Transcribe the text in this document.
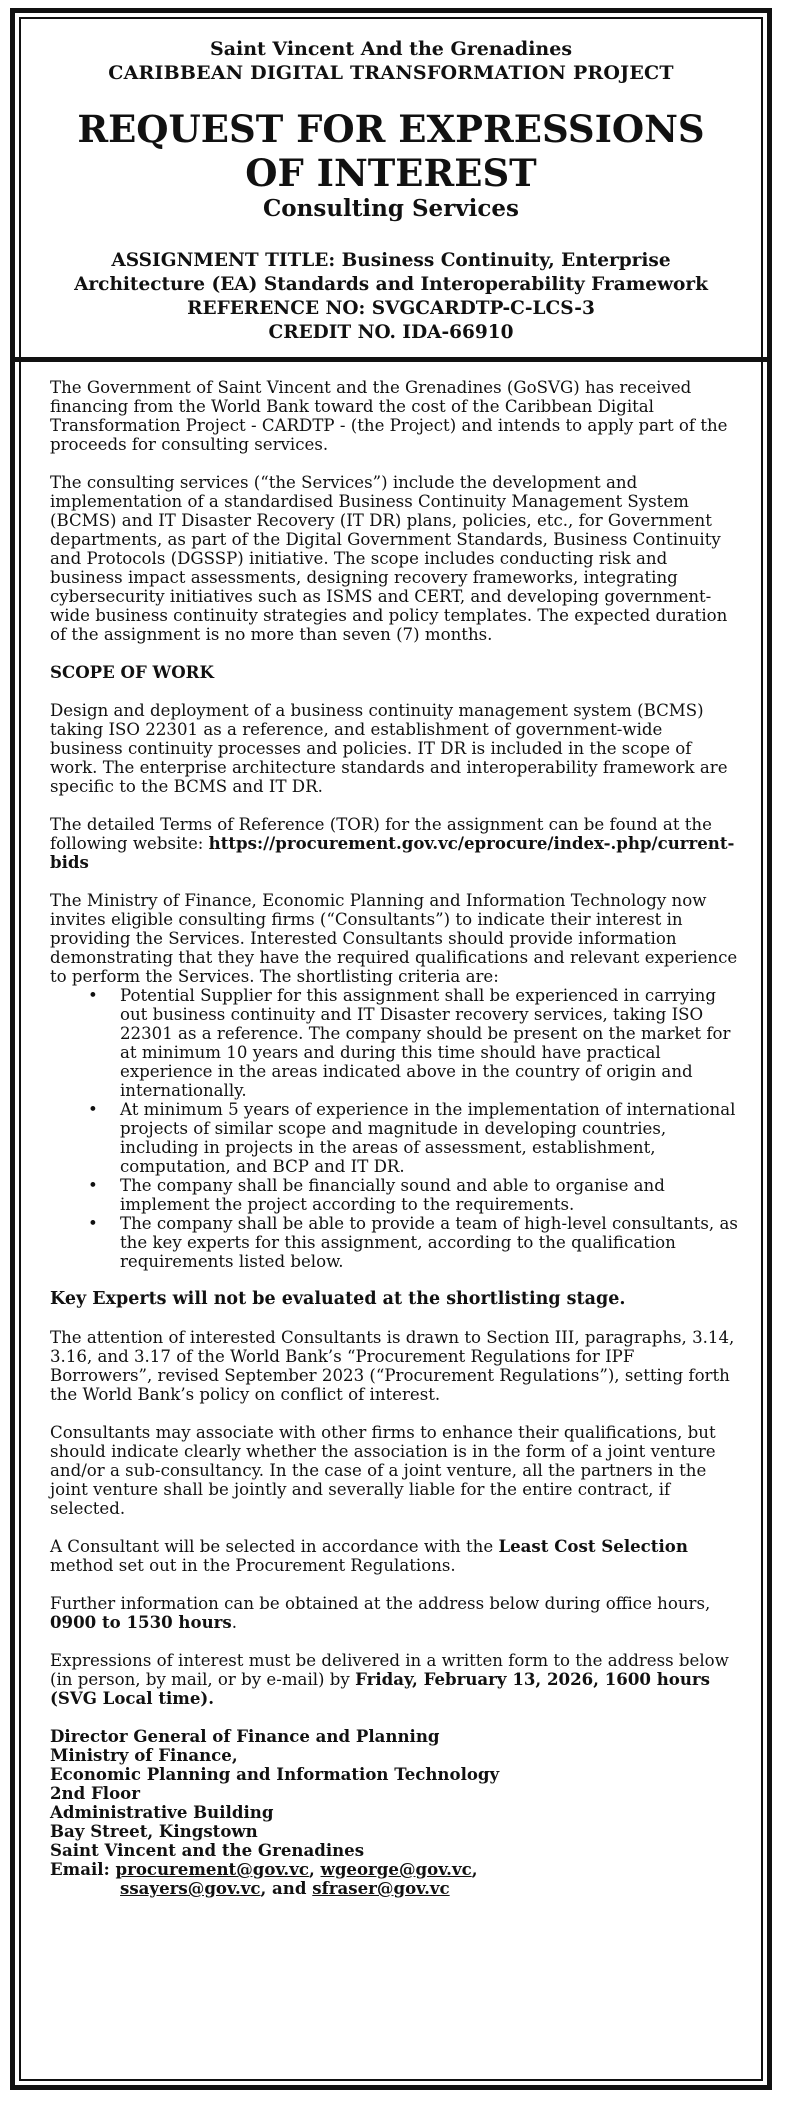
Saint Vincent And the Grenadines
CARIBBEAN DIGITAL TRANSFORMATION PROJECT
REQUEST FOR EXPRESSIONS
OF INTEREST
Consulting Services
ASSIGNMENT TITLE: Business Continuity, Enterprise
Architecture (EA) Standards and Interoperability Framework
REFERENCE NO: SVGCARDTP-C-LCS-3
CREDIT NO. IDA-66910

The Government of Saint Vincent and the Grenadines (GoSVG) has received financing from the World Bank toward the cost of the Caribbean Digital Transformation Project - CARDTP - (the Project) and intends to apply part of the proceeds for consulting services.

The consulting services (“the Services”) include the development and implementation of a standardised Business Continuity Management System (BCMS) and IT Disaster Recovery (IT DR) plans, policies, etc., for Government departments, as part of the Digital Government Standards, Business Continuity and Protocols (DGSSP) initiative. The scope includes conducting risk and business impact assessments, designing recovery frameworks, integrating cybersecurity initiatives such as ISMS and CERT, and developing government-wide business continuity strategies and policy templates. The expected duration of the assignment is no more than seven (7) months.

SCOPE OF WORK

Design and deployment of a business continuity management system (BCMS) taking ISO 22301 as a reference, and establishment of government-wide business continuity processes and policies. IT DR is included in the scope of work. The enterprise architecture standards and interoperability framework are specific to the BCMS and IT DR.

The detailed Terms of Reference (TOR) for the assignment can be found at the following website: https://procurement.gov.vc/eprocure/index-.php/current-bids

The Ministry of Finance, Economic Planning and Information Technology now invites eligible consulting firms (“Consultants”) to indicate their interest in providing the Services. Interested Consultants should provide information demonstrating that they have the required qualifications and relevant experience to perform the Services. The shortlisting criteria are:
• Potential Supplier for this assignment shall be experienced in carrying out business continuity and IT Disaster recovery services, taking ISO 22301 as a reference. The company should be present on the market for at minimum 10 years and during this time should have practical experience in the areas indicated above in the country of origin and internationally.
• At minimum 5 years of experience in the implementation of international projects of similar scope and magnitude in developing countries, including in projects in the areas of assessment, establishment, computation, and BCP and IT DR.
• The company shall be financially sound and able to organise and implement the project according to the requirements.
• The company shall be able to provide a team of high-level consultants, as the key experts for this assignment, according to the qualification requirements listed below.
Key Experts will not be evaluated at the shortlisting stage.

The attention of interested Consultants is drawn to Section III, paragraphs, 3.14, 3.16, and 3.17 of the World Bank’s “Procurement Regulations for IPF Borrowers”, revised September 2023 (“Procurement Regulations”), setting forth the World Bank’s policy on conflict of interest.

Consultants may associate with other firms to enhance their qualifications, but should indicate clearly whether the association is in the form of a joint venture and/or a sub-consultancy. In the case of a joint venture, all the partners in the joint venture shall be jointly and severally liable for the entire contract, if selected.

A Consultant will be selected in accordance with the Least Cost Selection method set out in the Procurement Regulations.

Further information can be obtained at the address below during office hours, 0900 to 1530 hours.

Expressions of interest must be delivered in a written form to the address below (in person, by mail, or by e-mail) by Friday, February 13, 2026, 1600 hours (SVG Local time).

Director General of Finance and Planning
Ministry of Finance,
Economic Planning and Information Technology
2nd Floor
Administrative Building
Bay Street, Kingstown
Saint Vincent and the Grenadines
Email: procurement@gov.vc, wgeorge@gov.vc,
ssayers@gov.vc, and sfraser@gov.vc
